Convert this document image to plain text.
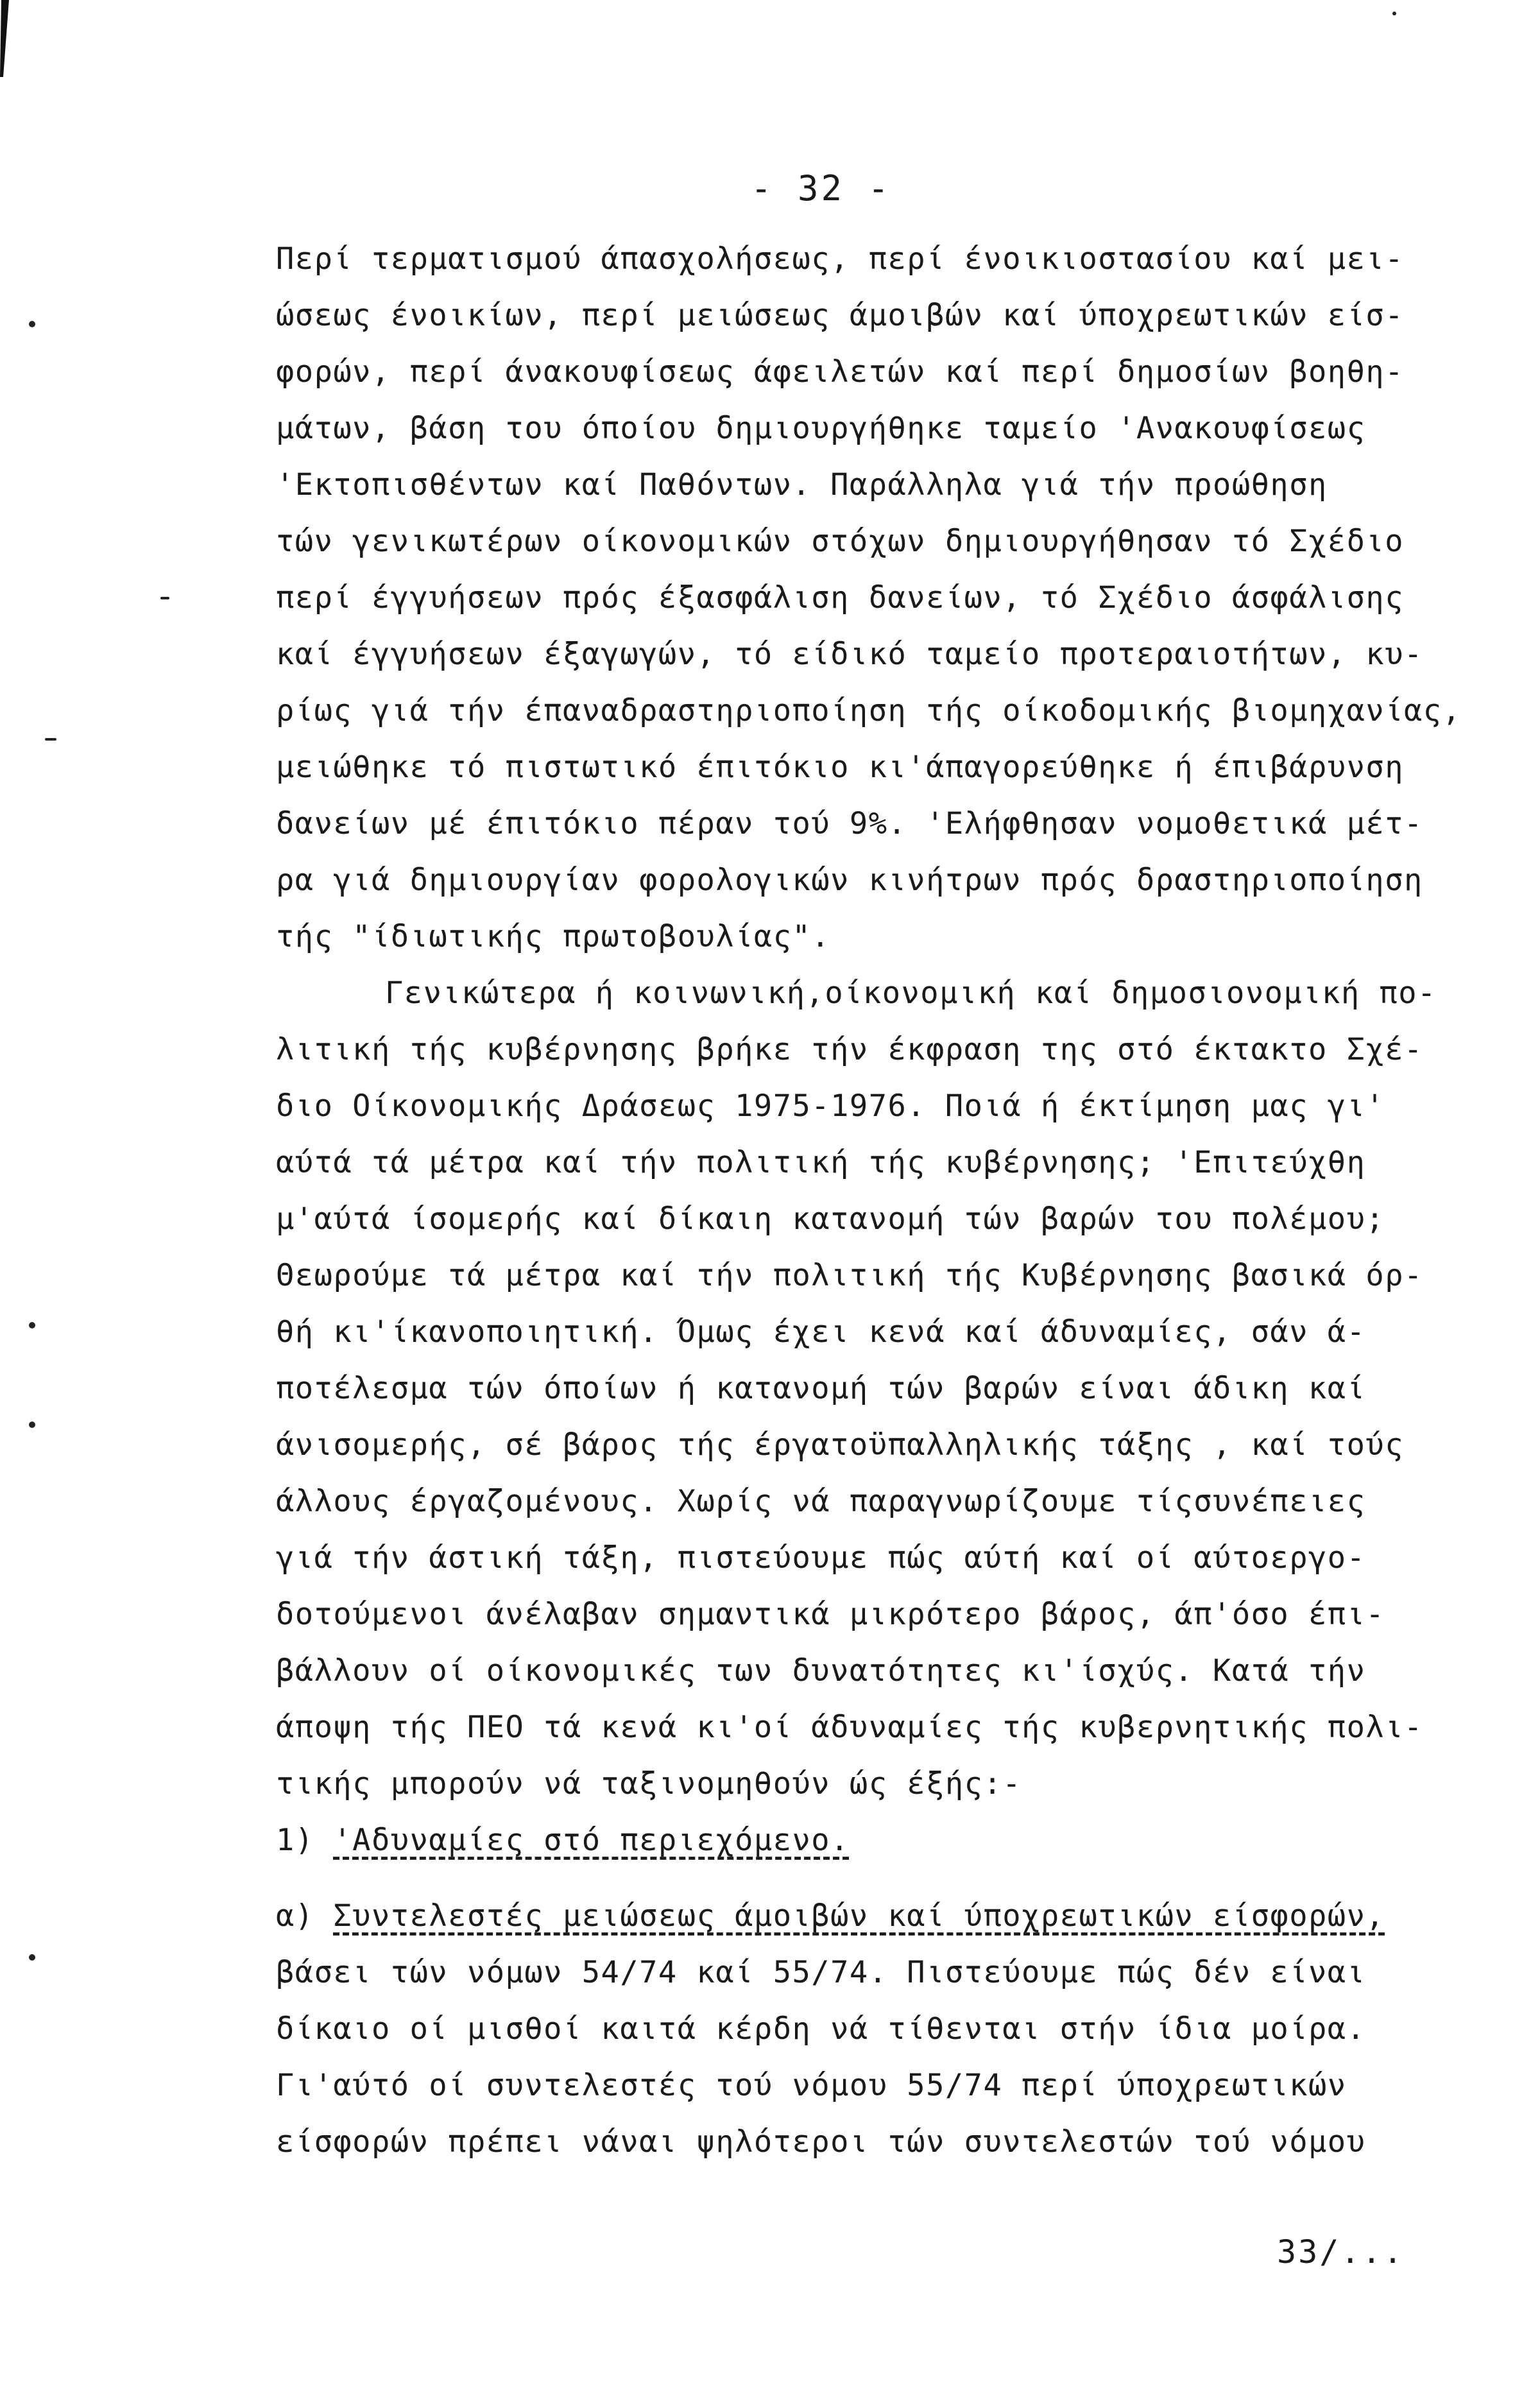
- 32 -
Περί τερματισμού άπασχολήσεως, περί ένοικιοστασίου καί μει-
ώσεως ένοικίων, περί μειώσεως άμοιβών καί ύποχρεωτικών είσ-
φορών, περί άνακουφίσεως άφειλετών καί περί δημοσίων βοηθη-
μάτων, βάση του όποίου δημιουργήθηκε ταμείο 'Ανακουφίσεως
'Εκτοπισθέντων καί Παθόντων. Παράλληλα γιά τήν προώθηση
τών γενικωτέρων οίκονομικών στόχων δημιουργήθησαν τό Σχέδιο
περί έγγυήσεων πρός έξασφάλιση δανείων, τό Σχέδιο άσφάλισης
καί έγγυήσεων έξαγωγών, τό είδικό ταμείο προτεραιοτήτων, κυ-
ρίως γιά τήν έπαναδραστηριοποίηση τής οίκοδομικής βιομηχανίας,
μειώθηκε τό πιστωτικό έπιτόκιο κι'άπαγορεύθηκε ή έπιβάρυνση
δανείων μέ έπιτόκιο πέραν τού 9%. 'Ελήφθησαν νομοθετικά μέτ-
ρα γιά δημιουργίαν φορολογικών κινήτρων πρός δραστηριοποίηση
τής "ίδιωτικής πρωτοβουλίας".
Γενικώτερα ή κοινωνική,οίκονομική καί δημοσιονομική πο-
λιτική τής κυβέρνησης βρήκε τήν έκφραση της στό έκτακτο Σχέ-
διο Οίκονομικής Δράσεως 1975-1976. Ποιά ή έκτίμηση μας γι'
αύτά τά μέτρα καί τήν πολιτική τής κυβέρνησης; 'Επιτεύχθη
μ'αύτά ίσομερής καί δίκαιη κατανομή τών βαρών του πολέμου;
Θεωρούμε τά μέτρα καί τήν πολιτική τής Κυβέρνησης βασικά όρ-
θή κι'ίκανοποιητική. Όμως έχει κενά καί άδυναμίες, σάν ά-
ποτέλεσμα τών όποίων ή κατανομή τών βαρών είναι άδικη καί
άνισομερής, σέ βάρος τής έργατοϋπαλληλικής τάξης , καί τούς
άλλους έργαζομένους. Χωρίς νά παραγνωρίζουμε τίςσυνέπειες
γιά τήν άστική τάξη, πιστεύουμε πώς αύτή καί οί αύτοεργο-
δοτούμενοι άνέλαβαν σημαντικά μικρότερο βάρος, άπ'όσο έπι-
βάλλουν οί οίκονομικές των δυνατότητες κι'ίσχύς. Κατά τήν
άποψη τής ΠΕΟ τά κενά κι'οί άδυναμίες τής κυβερνητικής πολι-
τικής μπορούν νά ταξινομηθούν ώς έξής:-
1) 'Αδυναμίες στό περιεχόμενο.
α) Συντελεστές μειώσεως άμοιβών καί ύποχρεωτικών είσφορών,
βάσει τών νόμων 54/74 καί 55/74. Πιστεύουμε πώς δέν είναι
δίκαιο οί μισθοί καιτά κέρδη νά τίθενται στήν ίδια μοίρα.
Γι'αύτό οί συντελεστές τού νόμου 55/74 περί ύποχρεωτικών
είσφορών πρέπει νάναι ψηλότεροι τών συντελεστών τού νόμου
33/...
